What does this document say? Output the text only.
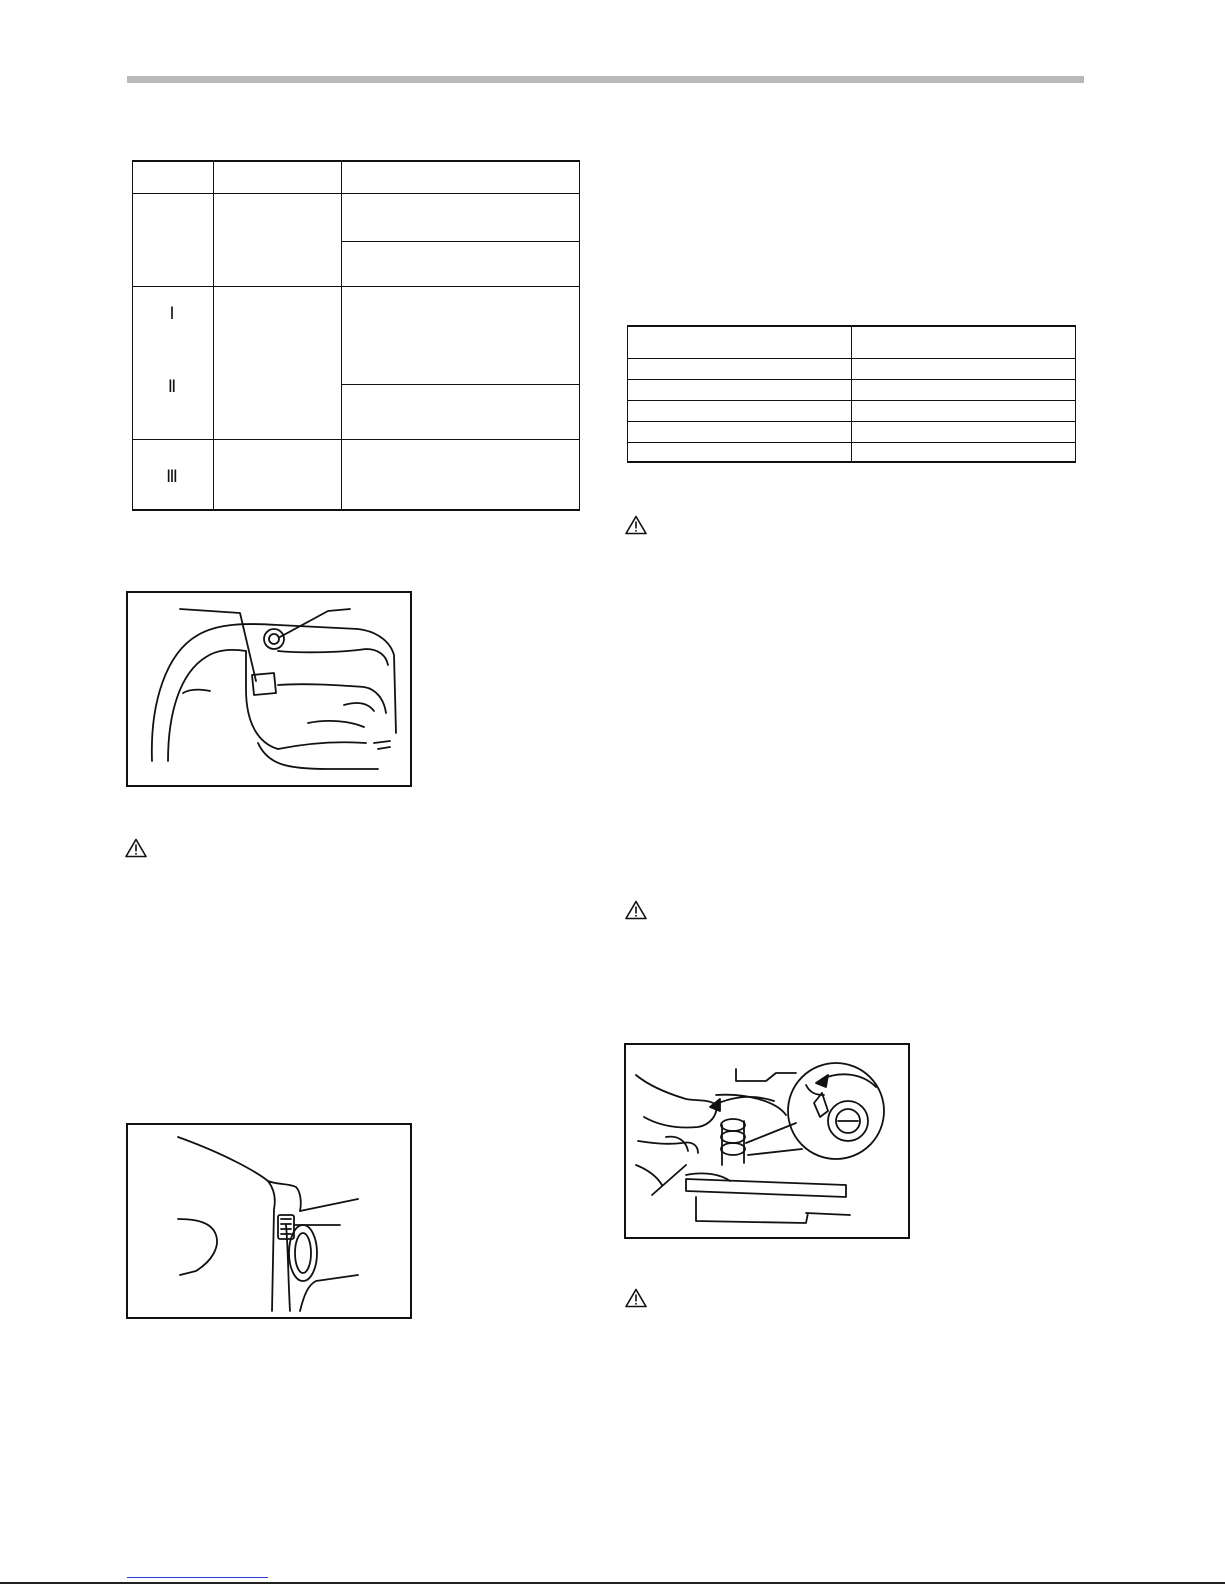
Ⅰ
Ⅱ
Ⅲ
